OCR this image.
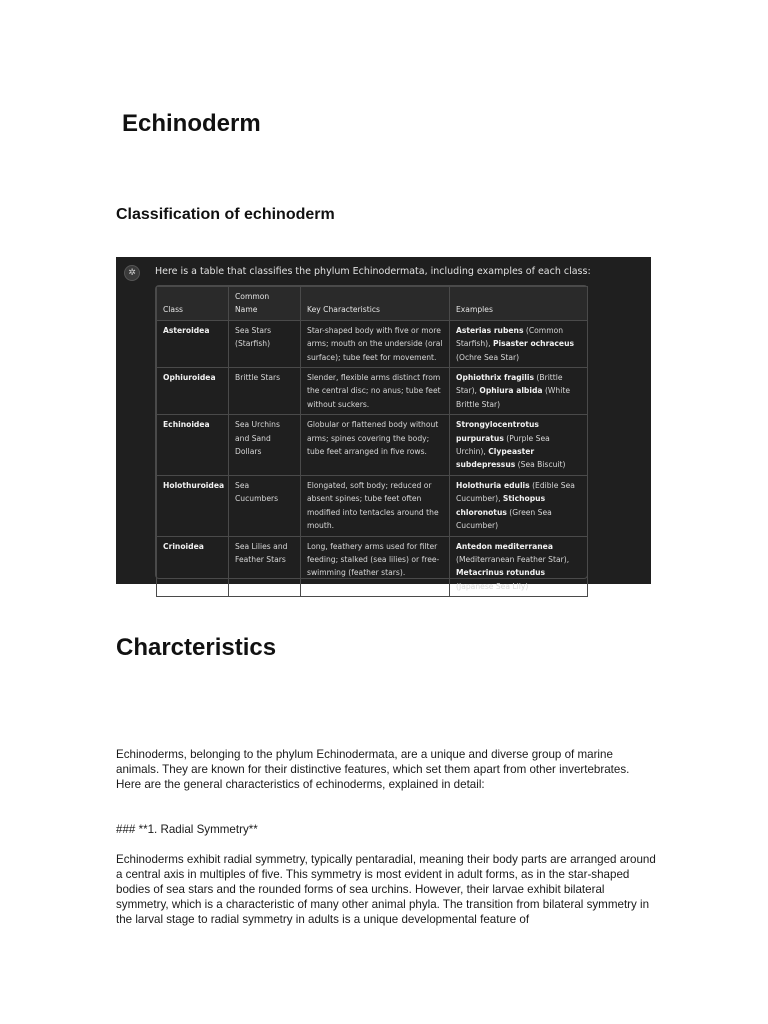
Echinoderm
Classification of echinoderm
✲	Here is a table that classifies the phylum Echinodermata, including examples of each class:
Class	Common Name	Key Characteristics	Examples
Asteroidea	Sea Stars (Starfish)	Star-shaped body with five or more arms; mouth on the underside (oral surface); tube feet for movement.	Asterias rubens (Common Starfish), Pisaster ochraceus (Ochre Sea Star)
Ophiuroidea	Brittle Stars	Slender, flexible arms distinct from the central disc; no anus; tube feet without suckers.	Ophiothrix fragilis (Brittle Star), Ophiura albida (White Brittle Star)
Echinoidea	Sea Urchins and Sand Dollars	Globular or flattened body without arms; spines covering the body; tube feet arranged in five rows.	Strongylocentrotus purpuratus (Purple Sea Urchin), Clypeaster subdepressus (Sea Biscuit)
Holothuroidea	Sea Cucumbers	Elongated, soft body; reduced or absent spines; tube feet often modified into tentacles around the mouth.	Holothuria edulis (Edible Sea Cucumber), Stichopus chloronotus (Green Sea Cucumber)
Crinoidea	Sea Lilies and Feather Stars	Long, feathery arms used for filter feeding; stalked (sea lilies) or free-swimming (feather stars).	Antedon mediterranea (Mediterranean Feather Star), Metacrinus rotundus (Japanese Sea Lily)
Charcteristics

Echinoderms, belonging to the phylum Echinodermata, are a unique and diverse group of marine animals. They are known for their distinctive features, which set them apart from other invertebrates. Here are the general characteristics of echinoderms, explained in detail:

### **1. Radial Symmetry**

Echinoderms exhibit radial symmetry, typically pentaradial, meaning their body parts are arranged around a central axis in multiples of five. This symmetry is most evident in adult forms, as in the star-shaped bodies of sea stars and the rounded forms of sea urchins. However, their larvae exhibit bilateral symmetry, which is a characteristic of many other animal phyla. The transition from bilateral symmetry in the larval stage to radial symmetry in adults is a unique developmental feature of
